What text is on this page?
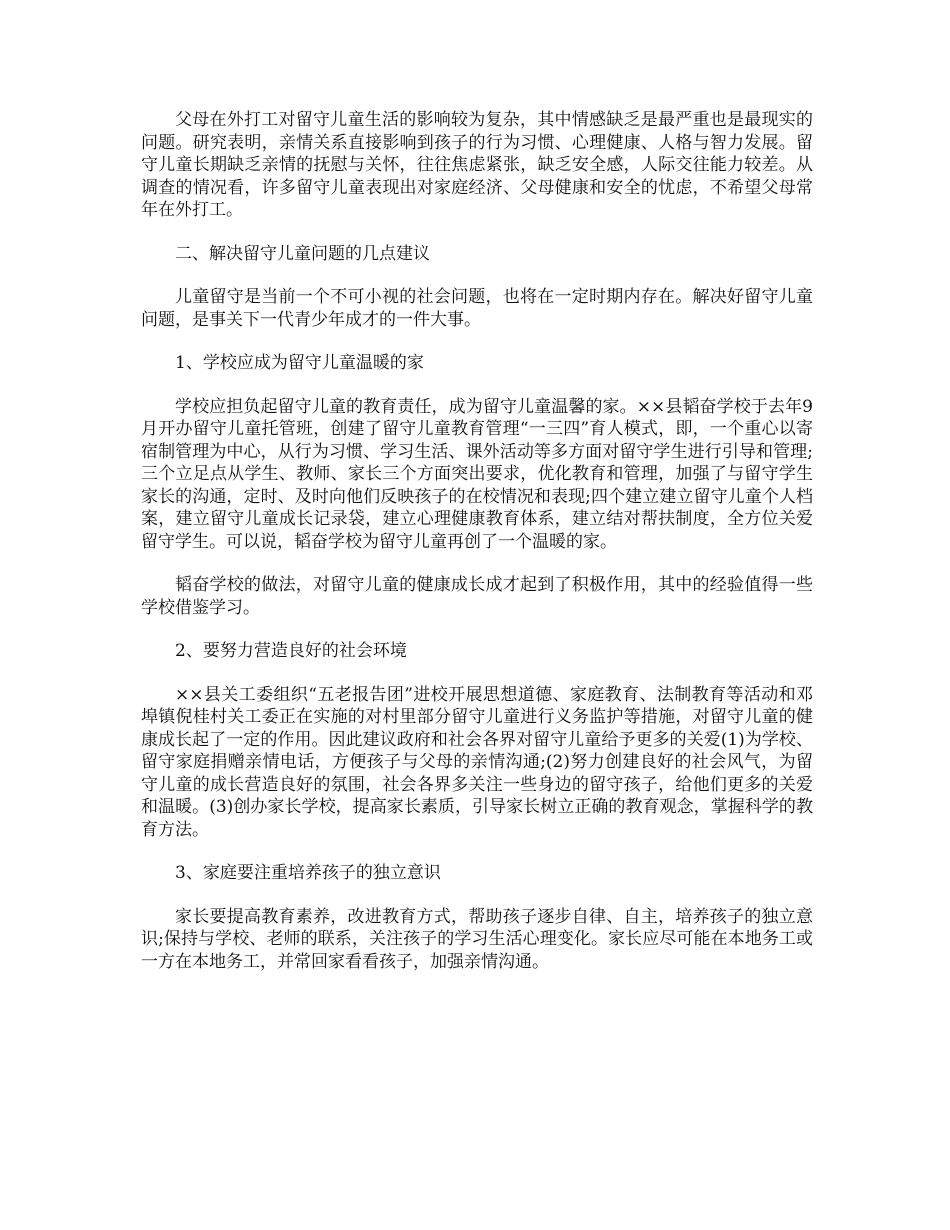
父母在外打工对留守儿童生活的影响较为复杂，其中情感缺乏是最严重也是最现实的问题。研究表明，亲情关系直接影响到孩子的行为习惯、心理健康、人格与智力发展。留守儿童长期缺乏亲情的抚慰与关怀，往往焦虑紧张，缺乏安全感，人际交往能力较差。从调查的情况看，许多留守儿童表现出对家庭经济、父母健康和安全的忧虑，不希望父母常年在外打工。

二、解决留守儿童问题的几点建议

儿童留守是当前一个不可小视的社会问题，也将在一定时期内存在。解决好留守儿童问题，是事关下一代青少年成才的一件大事。

1、学校应成为留守儿童温暖的家

学校应担负起留守儿童的教育责任，成为留守儿童温馨的家。××县韬奋学校于去年9月开办留守儿童托管班，创建了留守儿童教育管理“一三四”育人模式，即，一个重心以寄宿制管理为中心，从行为习惯、学习生活、课外活动等多方面对留守学生进行引导和管理;三个立足点从学生、教师、家长三个方面突出要求，优化教育和管理，加强了与留守学生家长的沟通，定时、及时向他们反映孩子的在校情况和表现;四个建立建立留守儿童个人档案，建立留守儿童成长记录袋，建立心理健康教育体系，建立结对帮扶制度，全方位关爱留守学生。可以说，韬奋学校为留守儿童再创了一个温暖的家。

韬奋学校的做法，对留守儿童的健康成长成才起到了积极作用，其中的经验值得一些学校借鉴学习。

2、要努力营造良好的社会环境

××县关工委组织“五老报告团”进校开展思想道德、家庭教育、法制教育等活动和邓埠镇倪桂村关工委正在实施的对村里部分留守儿童进行义务监护等措施，对留守儿童的健康成长起了一定的作用。因此建议政府和社会各界对留守儿童给予更多的关爱(1)为学校、留守家庭捐赠亲情电话，方便孩子与父母的亲情沟通;(2)努力创建良好的社会风气，为留守儿童的成长营造良好的氛围，社会各界多关注一些身边的留守孩子，给他们更多的关爱和温暖。(3)创办家长学校，提高家长素质，引导家长树立正确的教育观念，掌握科学的教育方法。

3、家庭要注重培养孩子的独立意识

家长要提高教育素养，改进教育方式，帮助孩子逐步自律、自主，培养孩子的独立意识;保持与学校、老师的联系，关注孩子的学习生活心理变化。家长应尽可能在本地务工或一方在本地务工，并常回家看看孩子，加强亲情沟通。
